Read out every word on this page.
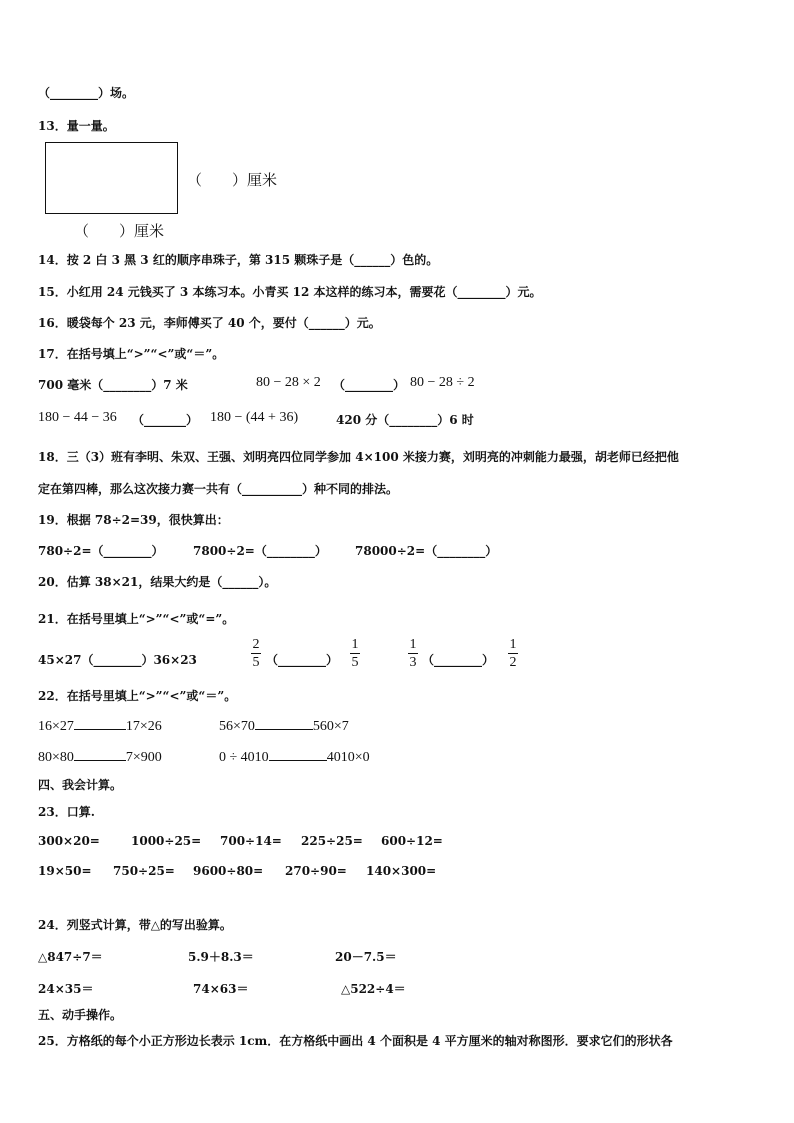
（________）场。
13．量一量。
（　　）厘米
（　　）厘米
14．按 2 白 3 黑 3 红的顺序串珠子，第 315 颗珠子是（______）色的。
15．小红用 24 元钱买了 3 本练习本。小青买 12 本这样的练习本，需要花（________）元。
16．暖袋每个 23 元，李师傅买了 40 个，要付（______）元。
17．在括号填上“>”“<”或“＝”。
700 毫米（________）7 米	80 − 28 × 2 （________） 80 − 28 ÷ 2
180 − 44 − 36 （_______） 180 − (44 + 36)	420 分（________）6 时
18．三（3）班有李明、朱双、王强、刘明亮四位同学参加 4×100 米接力赛，刘明亮的冲刺能力最强，胡老师已经把他
定在第四棒，那么这次接力赛一共有（__________）种不同的排法。
19．根据 78÷2=39，很快算出：
780÷2=（________） 7800÷2=（________） 78000÷2=（________）
20．估算 38×21，结果大约是（______）。
21．在括号里填上“>”“<”或“=”。
45×27（________）36×23
2
5 （________）
1
5
1
3 （________）
1
2
22．在括号里填上“>”“<”或“＝”。
16×27	17×26	56×70	560×7
80×80	7×900	0 ÷ 4010	4010×0
四、我会计算。
23．口算.
300×20=	1000÷25= 700÷14= 225÷25= 600÷12=
19×50= 750÷25= 9600÷80= 270÷90= 140×300=
24．列竖式计算，带△的写出验算。
△847÷7＝	5.9＋8.3＝	20－7.5＝
24×35＝	74×63＝	△522÷4＝
五、动手操作。
25．方格纸的每个小正方形边长表示 1cm．在方格纸中画出 4 个面积是 4 平方厘米的轴对称图形．要求它们的形状各
